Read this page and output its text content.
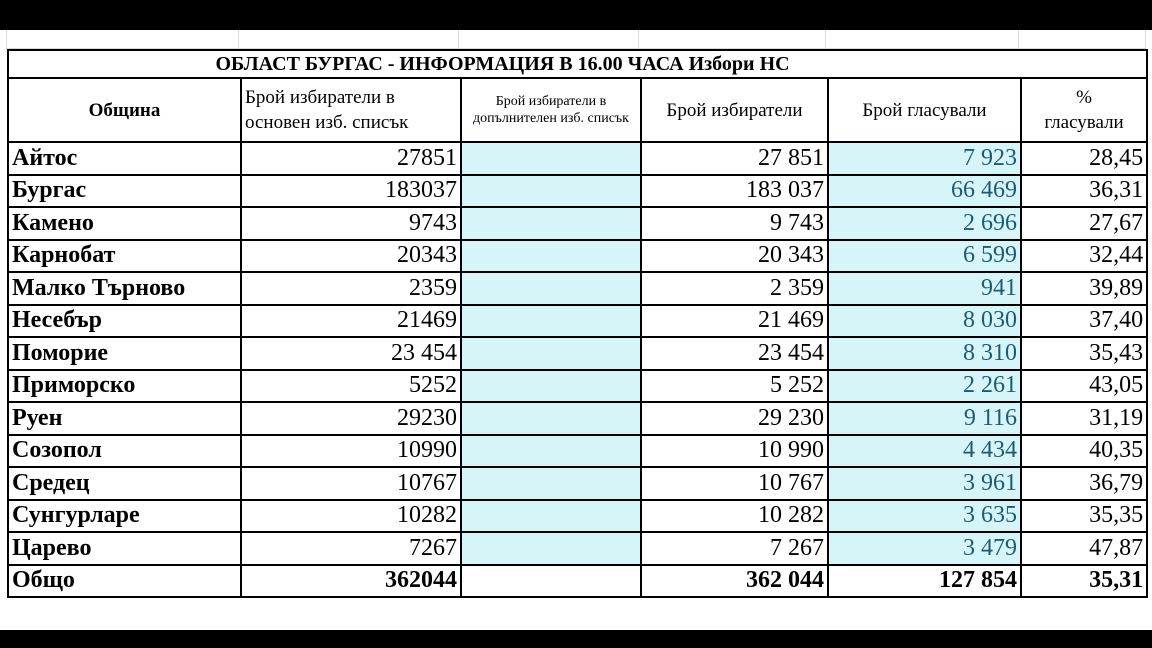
ОБЛАСТ БУРГАС - ИНФОРМАЦИЯ В 16.00 ЧАСА Избори НС					
Община	Брой избиратели в основен изб. списък	Брой избиратели в допълнителен изб. списък	Брой избиратели	Брой гласували	%
гласували

Айтос	27851		27 851	7 923	28,45
Бургас	183037		183 037	66 469	36,31
Камено	9743		9 743	2 696	27,67
Карнобат	20343		20 343	6 599	32,44
Малко Търново	2359		2 359	941	39,89
Несебър	21469		21 469	8 030	37,40
Поморие	23 454		23 454	8 310	35,43
Приморско	5252		5 252	2 261	43,05
Руен	29230		29 230	9 116	31,19
Созопол	10990		10 990	4 434	40,35
Средец	10767		10 767	3 961	36,79
Сунгурларе	10282		10 282	3 635	35,35
Царево	7267		7 267	3 479	47,87
Общо	362044		362 044	127 854	35,31
